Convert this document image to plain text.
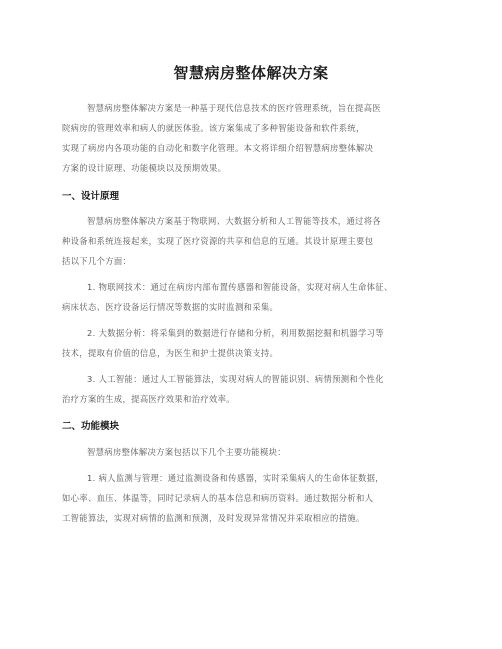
智慧病房整体解决方案
智慧病房整体解决方案是一种基于现代信息技术的医疗管理系统，旨在提高医
院病房的管理效率和病人的就医体验。该方案集成了多种智能设备和软件系统，
实现了病房内各项功能的自动化和数字化管理。本文将详细介绍智慧病房整体解决
方案的设计原理、功能模块以及预期效果。
一、设计原理
智慧病房整体解决方案基于物联网、大数据分析和人工智能等技术，通过将各
种设备和系统连接起来，实现了医疗资源的共享和信息的互通。其设计原理主要包
括以下几个方面：
1. 物联网技术：通过在病房内部布置传感器和智能设备，实现对病人生命体征、
病床状态、医疗设备运行情况等数据的实时监测和采集。
2. 大数据分析：将采集到的数据进行存储和分析，利用数据挖掘和机器学习等
技术，提取有价值的信息，为医生和护士提供决策支持。
3. 人工智能：通过人工智能算法，实现对病人的智能识别、病情预测和个性化
治疗方案的生成，提高医疗效果和治疗效率。
二、功能模块
智慧病房整体解决方案包括以下几个主要功能模块：
1. 病人监测与管理：通过监测设备和传感器，实时采集病人的生命体征数据，
如心率、血压、体温等，同时记录病人的基本信息和病历资料。通过数据分析和人
工智能算法，实现对病情的监测和预测，及时发现异常情况并采取相应的措施。
